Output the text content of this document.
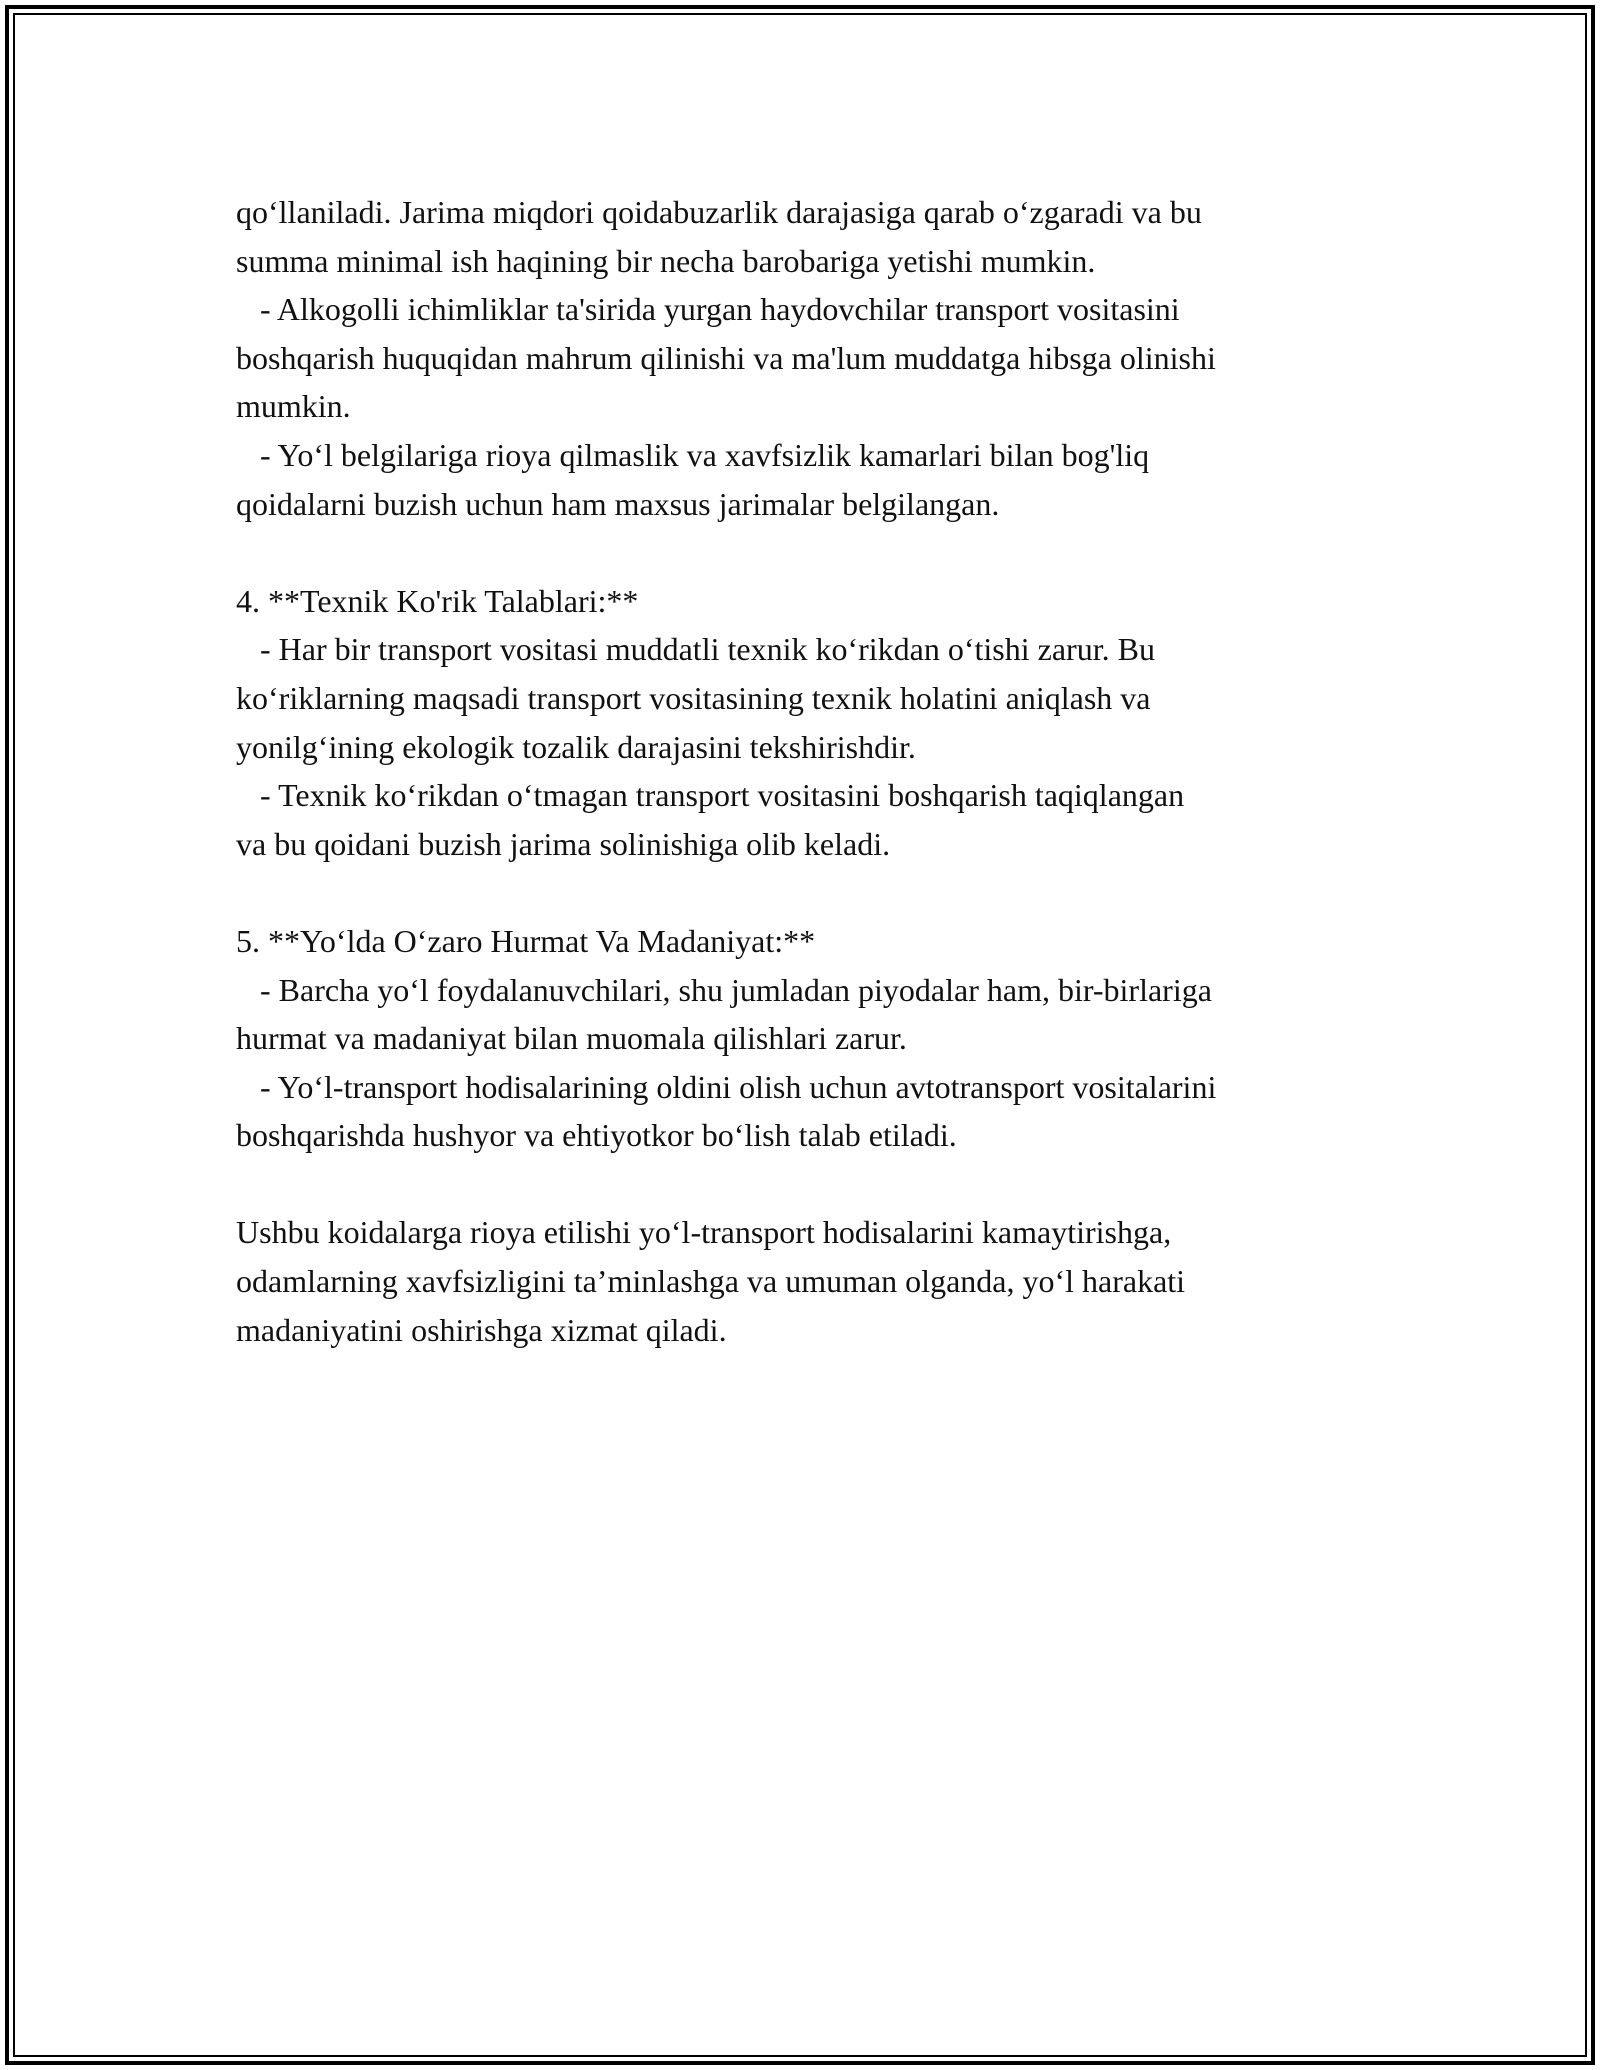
qo‘llaniladi. Jarima miqdori qoidabuzarlik darajasiga qarab o‘zgaradi va bu
summa minimal ish haqining bir necha barobariga yetishi mumkin.
- Alkogolli ichimliklar ta'sirida yurgan haydovchilar transport vositasini
boshqarish huquqidan mahrum qilinishi va ma'lum muddatga hibsga olinishi
mumkin.
- Yo‘l belgilariga rioya qilmaslik va xavfsizlik kamarlari bilan bog'liq
qoidalarni buzish uchun ham maxsus jarimalar belgilangan.
4. **Texnik Ko'rik Talablari:**
- Har bir transport vositasi muddatli texnik ko‘rikdan o‘tishi zarur. Bu
ko‘riklarning maqsadi transport vositasining texnik holatini aniqlash va
yonilg‘ining ekologik tozalik darajasini tekshirishdir.
- Texnik ko‘rikdan o‘tmagan transport vositasini boshqarish taqiqlangan
va bu qoidani buzish jarima solinishiga olib keladi.
5. **Yo‘lda O‘zaro Hurmat Va Madaniyat:**
- Barcha yo‘l foydalanuvchilari, shu jumladan piyodalar ham, bir-birlariga
hurmat va madaniyat bilan muomala qilishlari zarur.
- Yo‘l-transport hodisalarining oldini olish uchun avtotransport vositalarini
boshqarishda hushyor va ehtiyotkor bo‘lish talab etiladi.
Ushbu koidalarga rioya etilishi yo‘l-transport hodisalarini kamaytirishga,
odamlarning xavfsizligini ta’minlashga va umuman olganda, yo‘l harakati
madaniyatini oshirishga xizmat qiladi.
